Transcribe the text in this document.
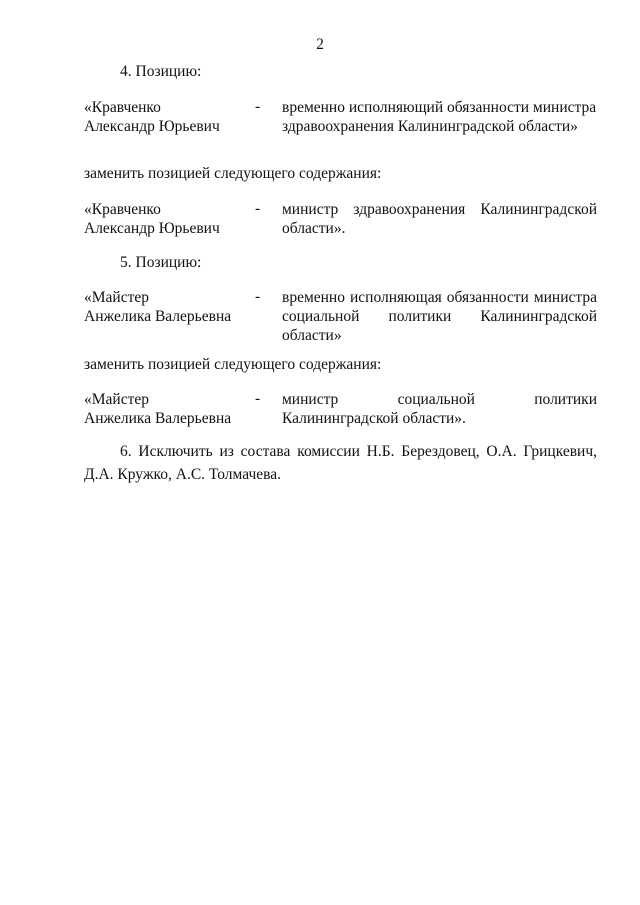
2
4. Позицию:
«Кравченко
Александр Юрьевич
- временно исполняющий обязанности министра
здравоохранения Калининградской области»
заменить позицией следующего содержания:
«Кравченко
Александр Юрьевич
- министр здравоохранения Калининградской
области».
5. Позицию:
«Майстер
Анжелика Валерьевна
- временно исполняющая обязанности министра
социальной политики Калининградской
области»
заменить позицией следующего содержания:
«Майстер
Анжелика Валерьевна
- министр социальной политики
Калининградской области».
6. Исключить из состава комиссии Н.Б. Берездовец, О.А. Грицкевич,
Д.А. Кружко, А.С. Толмачева.
